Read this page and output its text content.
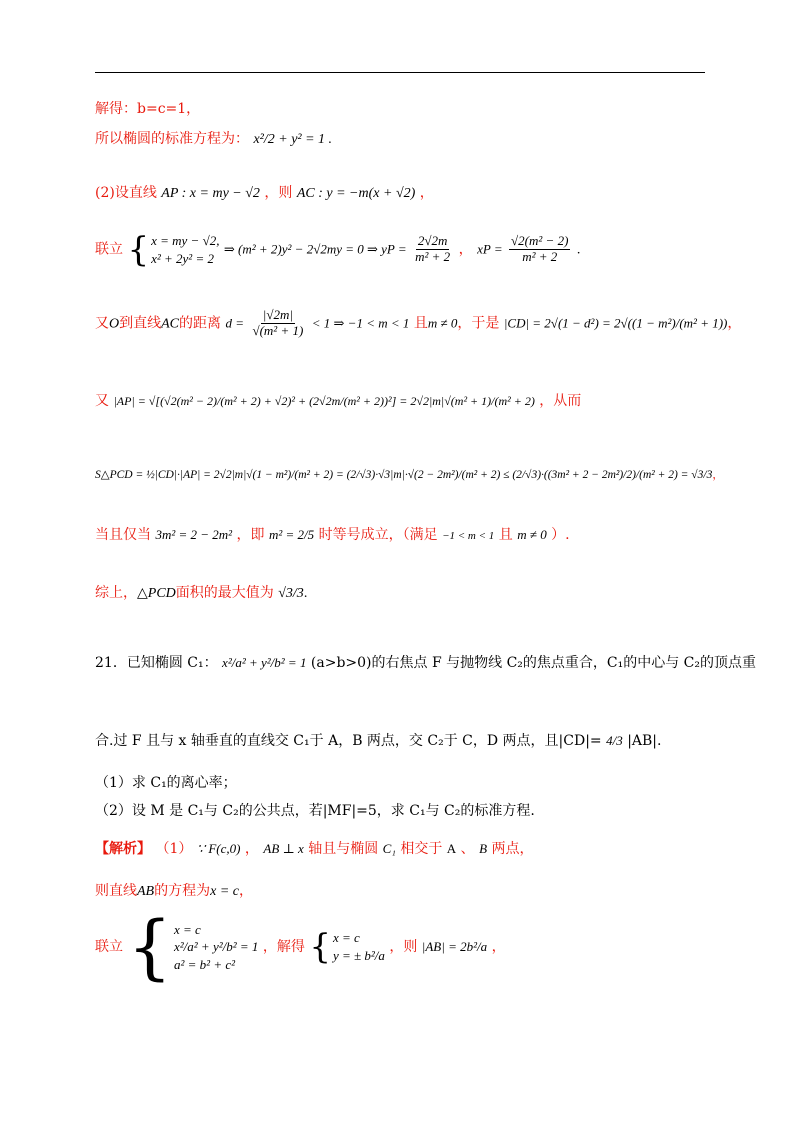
解得：b=c=1，
所以椭圆的标准方程为： x²/2 + y² = 1 .
(2)设直线 AP : x = my − √2 ，则 AC : y = −m(x + √2) ，
联立 { x = my − √2,
x² + 2y² = 2
⇒ (m² + 2)y² − 2√2my = 0 ⇒ yP = $\frac{2√2m}{\text{m² + 2}}$ ， xP = $\frac{\text{√2(m² − 2)}}{\text{m² + 2}}$ .
又O到直线AC的距离 $d = \frac{|√2m|}{\text{√(m² + 1)}} < 1$ ⇒ −1 < m < 1 且m ≠ 0，于是 |CD| = 2√(1 − d²) = 2√((1 − m²)/(m² + 1))，
又 |AP| = √[(√2(m² − 2)/(m² + 2) + √2)² + (2√2m/(m² + 2))²] = 2√2|m|√(m² + 1)/(m² + 2) ，从而
S△PCD = ½|CD|·|AP| = 2√2|m|√(1 − m²)/(m² + 2) = (2/√3)·√3|m|·√(2 − 2m²)/(m² + 2) ≤ (2/√3)·((3m² + 2 − 2m²)/2)/(m² + 2) = √3/3，
当且仅当 3m² = 2 − 2m² ，即 m² = 2/5 时等号成立，（满足 −1 < m < 1 且 m ≠ 0 ）.
综上，△PCD面积的最大值为 √3/3.
21．已知椭圆 C₁： x²/a² + y²/b² = 1 (a>b>0)的右焦点 F 与抛物线 C₂的焦点重合，C₁的中心与 C₂的顶点重
合.过 F 且与 x 轴垂直的直线交 C₁于 A，B 两点，交 C₂于 C，D 两点，且|CD|= 4/3 |AB|.
（1）求 C₁的离心率；
（2）设 M 是 C₁与 C₂的公共点，若|MF|=5，求 C₁与 C₂的标准方程.
【解析】 （1） ∵ F(c,0) ， AB ⊥ x 轴且与椭圆 C₁ 相交于 A 、 B 两点，
则直线AB的方程为x = c，
联立 { x = c
x²/a² + y²/b² = 1
a² = b² + c²
，解得 { x = c
y = ± b²/a
，则 |AB| = 2b²/a ，
